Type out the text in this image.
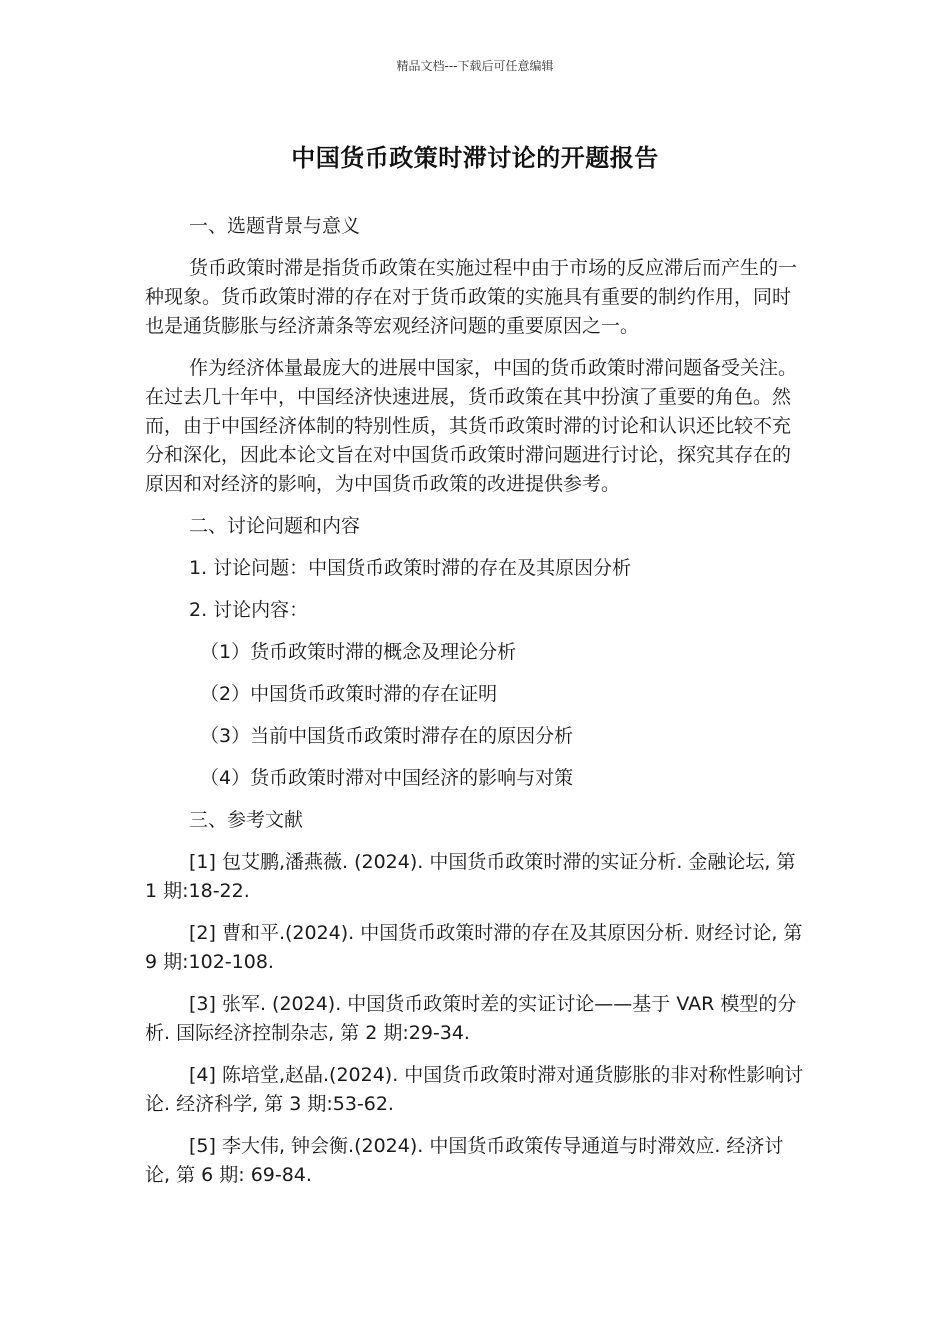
精品文档---下载后可任意编辑
中国货币政策时滞讨论的开题报告

一、选题背景与意义

货币政策时滞是指货币政策在实施过程中由于市场的反应滞后而产生的一种现象。货币政策时滞的存在对于货币政策的实施具有重要的制约作用，同时也是通货膨胀与经济萧条等宏观经济问题的重要原因之一。

作为经济体量最庞大的进展中国家，中国的货币政策时滞问题备受关注。在过去几十年中，中国经济快速进展，货币政策在其中扮演了重要的角色。然而，由于中国经济体制的特别性质，其货币政策时滞的讨论和认识还比较不充分和深化，因此本论文旨在对中国货币政策时滞问题进行讨论，探究其存在的原因和对经济的影响，为中国货币政策的改进提供参考。

二、讨论问题和内容

1. 讨论问题：中国货币政策时滞的存在及其原因分析

2. 讨论内容：

（1）货币政策时滞的概念及理论分析

（2）中国货币政策时滞的存在证明

（3）当前中国货币政策时滞存在的原因分析

（4）货币政策时滞对中国经济的影响与对策

三、参考文献

[1] 包艾鹏,潘燕薇. (2024). 中国货币政策时滞的实证分析. 金融论坛, 第 1 期:18-22.

[2] 曹和平.(2024). 中国货币政策时滞的存在及其原因分析. 财经讨论, 第 9 期:102-108.

[3] 张军. (2024). 中国货币政策时差的实证讨论——基于 VAR 模型的分析. 国际经济控制杂志, 第 2 期:29-34.

[4] 陈培堂,赵晶.(2024). 中国货币政策时滞对通货膨胀的非对称性影响讨论. 经济科学, 第 3 期:53-62.

[5] 李大伟, 钟会衡.(2024). 中国货币政策传导通道与时滞效应. 经济讨论, 第 6 期: 69-84.
